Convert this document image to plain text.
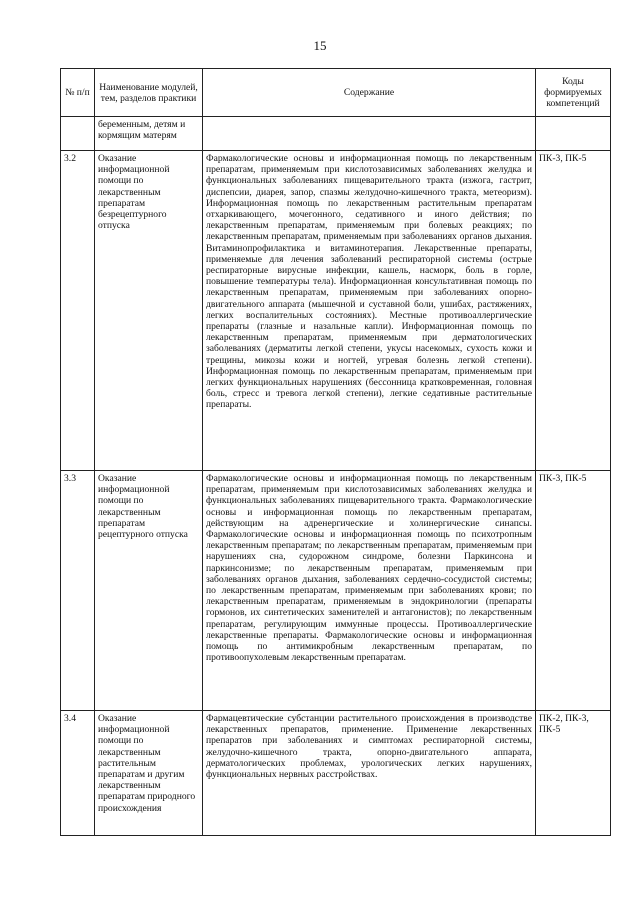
15
№ п/п	Наименование модулей, тем, разделов практики	Содержание	Коды формируемых компетенций
	беременным, детям и кормящим матерям		
3.2	Оказание информационной помощи по лекарственным препаратам безрецептурного отпуска	Фармакологические основы и информационная помощь по лекарственным препаратам, применяемым при кислотозависимых заболеваниях желудка и функциональных заболеваниях пищеварительного тракта (изжога, гастрит, диспепсии, диарея, запор, спазмы желудочно-кишечного тракта, метеоризм). Информационная помощь по лекарственным растительным препаратам отхаркивающего, мочегонного, седативного и иного действия; по лекарственным препаратам, применяемым при болевых реакциях; по лекарственным препаратам, применяемым при заболеваниях органов дыхания. Витаминопрофилактика и витаминотерапия. Лекарственные препараты, применяемые для лечения заболеваний респираторной системы (острые респираторные вирусные инфекции, кашель, насморк, боль в горле, повышение температуры тела). Информационная консультативная помощь по лекарственным препаратам, применяемым при заболеваниях опорно-двигательного аппарата (мышечной и суставной боли, ушибах, растяжениях, легких воспалительных состояниях). Местные противоаллергические препараты (глазные и назальные капли). Информационная помощь по лекарственным препаратам, применяемым при дерматологических заболеваниях (дерматиты легкой степени, укусы насекомых, сухость кожи и трещины, микозы кожи и ногтей, угревая болезнь легкой степени). Информационная помощь по лекарственным препаратам, применяемым при легких функциональных нарушениях (бессонница кратковременная, головная боль, стресс и тревога легкой степени), легкие седативные растительные препараты.	ПК-3, ПК-5
3.3	Оказание информационной помощи по лекарственным препаратам рецептурного отпуска	Фармакологические основы и информационная помощь по лекарственным препаратам, применяемым при кислотозависимых заболеваниях желудка и функциональных заболеваниях пищеварительного тракта. Фармакологические основы и информационная помощь по лекарственным препаратам, действующим на адренергические и холинергические синапсы. Фармакологические основы и информационная помощь по психотропным лекарственным препаратам; по лекарственным препаратам, применяемым при нарушениях сна, судорожном синдроме, болезни Паркинсона и паркинсонизме; по лекарственным препаратам, применяемым при заболеваниях органов дыхания, заболеваниях сердечно-сосудистой системы; по лекарственным препаратам, применяемым при заболеваниях крови; по лекарственным препаратам, применяемым в эндокринологии (препараты гормонов, их синтетических заменителей и антагонистов); по лекарственным препаратам, регулирующим иммунные процессы. Противоаллергические лекарственные препараты. Фармакологические основы и информационная помощь по антимикробным лекарственным препаратам, по противоопухолевым лекарственным препаратам.	ПК-3, ПК-5
3.4	Оказание информационной помощи по лекарственным растительным препаратам и другим лекарственным препаратам природного происхождения	Фармацевтические субстанции растительного происхождения в производстве лекарственных препаратов, применение. Применение лекарственных препаратов при заболеваниях и симптомах респираторной системы, желудочно-кишечного тракта, опорно-двигательного аппарата, дерматологических проблемах, урологических легких нарушениях, функциональных нервных расстройствах.	ПК-2, ПК-3, ПК-5
